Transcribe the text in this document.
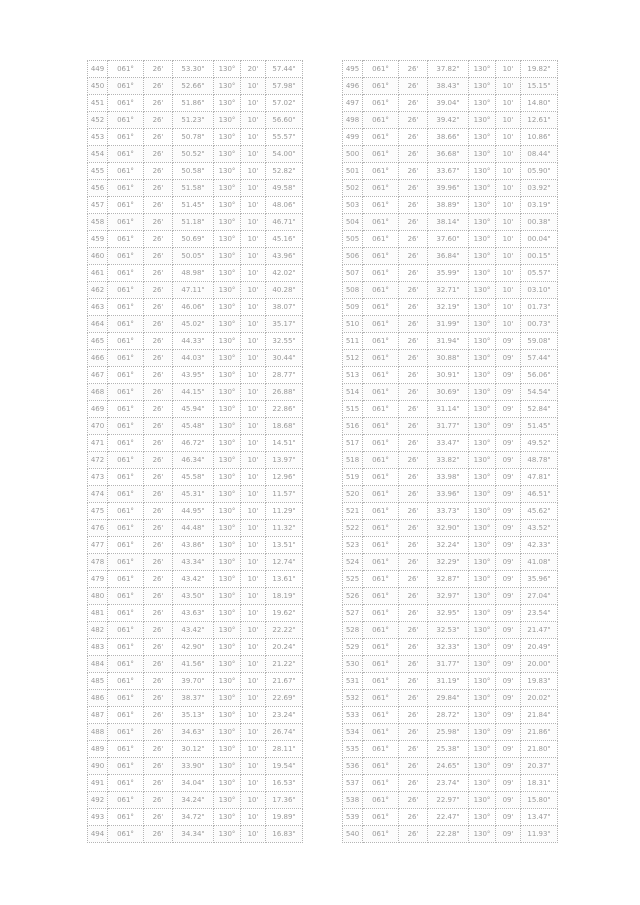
449	061°	26'	53.30"	130°	20'	57.44"
450	061°	26'	52.66"	130°	10'	57.98"
451	061°	26'	51.86"	130°	10'	57.02"
452	061°	26'	51.23"	130°	10'	56.60"
453	061°	26'	50.78"	130°	10'	55.57"
454	061°	26'	50.52"	130°	10'	54.00"
455	061°	26'	50.58"	130°	10'	52.82"
456	061°	26'	51.58"	130°	10'	49.58"
457	061°	26'	51.45"	130°	10'	48.06"
458	061°	26'	51.18"	130°	10'	46.71"
459	061°	26'	50.69"	130°	10'	45.16"
460	061°	26'	50.05"	130°	10'	43.96"
461	061°	26'	48.98"	130°	10'	42.02"
462	061°	26'	47.11"	130°	10'	40.28"
463	061°	26'	46.06"	130°	10'	38.07"
464	061°	26'	45.02"	130°	10'	35.17"
465	061°	26'	44.33"	130°	10'	32.55"
466	061°	26'	44.03"	130°	10'	30.44"
467	061°	26'	43.95"	130°	10'	28.77"
468	061°	26'	44.15"	130°	10'	26.88"
469	061°	26'	45.94"	130°	10'	22.86"
470	061°	26'	45.48"	130°	10'	18.68"
471	061°	26'	46.72"	130°	10'	14.51"
472	061°	26'	46.34"	130°	10'	13.97"
473	061°	26'	45.58"	130°	10'	12.96"
474	061°	26'	45.31"	130°	10'	11.57"
475	061°	26'	44.95"	130°	10'	11.29"
476	061°	26'	44.48"	130°	10'	11.32"
477	061°	26'	43.86"	130°	10'	13.51"
478	061°	26'	43.34"	130°	10'	12.74"
479	061°	26'	43.42"	130°	10'	13.61"
480	061°	26'	43.50"	130°	10'	18.19"
481	061°	26'	43.63"	130°	10'	19.62"
482	061°	26'	43.42"	130°	10'	22.22"
483	061°	26'	42.90"	130°	10'	20.24"
484	061°	26'	41.56"	130°	10'	21.22"
485	061°	26'	39.70"	130°	10'	21.67"
486	061°	26'	38.37"	130°	10'	22.69"
487	061°	26'	35.13"	130°	10'	23.24"
488	061°	26'	34.63"	130°	10'	26.74"
489	061°	26'	30.12"	130°	10'	28.11"
490	061°	26'	33.90"	130°	10'	19.54"
491	061°	26'	34.04"	130°	10'	16.53"
492	061°	26'	34.24"	130°	10'	17.36"
493	061°	26'	34.72"	130°	10'	19.89"
494	061°	26'	34.34"	130°	10'	16.83"
495	061°	26'	37.82"	130°	10'	19.82"
496	061°	26'	38.43"	130°	10'	15.15"
497	061°	26'	39.04"	130°	10'	14.80"
498	061°	26'	39.42"	130°	10'	12.61"
499	061°	26'	38.66"	130°	10'	10.86"
500	061°	26'	36.68"	130°	10'	08.44"
501	061°	26'	33.67"	130°	10'	05.90"
502	061°	26'	39.96"	130°	10'	03.92"
503	061°	26'	38.89"	130°	10'	03.19"
504	061°	26'	38.14"	130°	10'	00.38"
505	061°	26'	37.60"	130°	10'	00.04"
506	061°	26'	36.84"	130°	10'	00.15"
507	061°	26'	35.99"	130°	10'	05.57"
508	061°	26'	32.71"	130°	10'	03.10"
509	061°	26'	32.19"	130°	10'	01.73"
510	061°	26'	31.99"	130°	10'	00.73"
511	061°	26'	31.94"	130°	09'	59.08"
512	061°	26'	30.88"	130°	09'	57.44"
513	061°	26'	30.91"	130°	09'	56.06"
514	061°	26'	30.69"	130°	09'	54.54"
515	061°	26'	31.14"	130°	09'	52.84"
516	061°	26'	31.77"	130°	09'	51.45"
517	061°	26'	33.47"	130°	09'	49.52"
518	061°	26'	33.82"	130°	09'	48.78"
519	061°	26'	33.98"	130°	09'	47.81"
520	061°	26'	33.96"	130°	09'	46.51"
521	061°	26'	33.73"	130°	09'	45.62"
522	061°	26'	32.90"	130°	09'	43.52"
523	061°	26'	32.24"	130°	09'	42.33"
524	061°	26'	32.29"	130°	09'	41.08"
525	061°	26'	32.87"	130°	09'	35.96"
526	061°	26'	32.97"	130°	09'	27.04"
527	061°	26'	32.95"	130°	09'	23.54"
528	061°	26'	32.53"	130°	09'	21.47"
529	061°	26'	32.33"	130°	09'	20.49"
530	061°	26'	31.77"	130°	09'	20.00"
531	061°	26'	31.19"	130°	09'	19.83"
532	061°	26'	29.84"	130°	09'	20.02"
533	061°	26'	28.72"	130°	09'	21.84"
534	061°	26'	25.98"	130°	09'	21.86"
535	061°	26'	25.38"	130°	09'	21.80"
536	061°	26'	24.65"	130°	09'	20.37"
537	061°	26'	23.74"	130°	09'	18.31"
538	061°	26'	22.97"	130°	09'	15.80"
539	061°	26'	22.47"	130°	09'	13.47"
540	061°	26'	22.28"	130°	09'	11.93"
